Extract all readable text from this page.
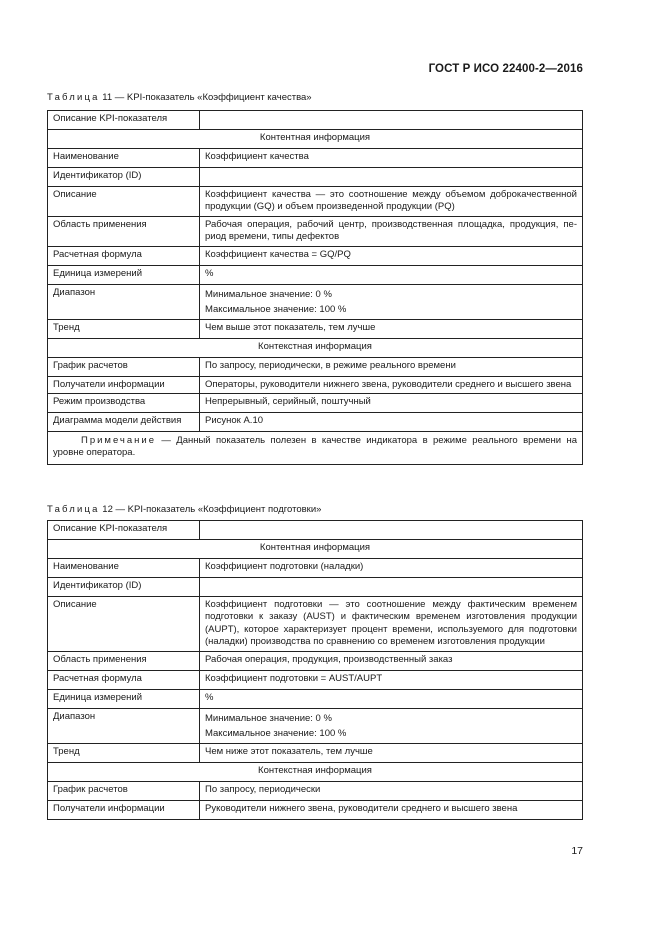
ГОСТ Р ИСО 22400-2—2016
Таблица 11 — KPI-показатель «Коэффициент качества»
Описание KPI-показателя	
Контентная информация	
Наименование	Коэффициент качества
Идентификатор (ID)	
Описание	Коэффициент качества — это соотношение между объемом доброкачественной продукции (GQ) и объем произведенной продукции (PQ)
Область применения	Рабочая операция, рабочий центр, производственная площадка, продукция, период времени, типы дефектов
Расчетная формула	Коэффициент качества = GQ/PQ
Единица измерений	%
Диапазон	Минимальное значение: 0 %
Максимальное значение: 100 %

Тренд	Чем выше этот показатель, тем лучше
Контекстная информация	
График расчетов	По запросу, периодически, в режиме реального времени
Получатели информации	Операторы, руководители нижнего звена, руководители среднего и высшего звена
Режим производства	Непрерывный, серийный, поштучный
Диаграмма модели действия	Рисунок А.10
Примечание — Данный показатель полезен в качестве индикатора в режиме реального времени на уровне оператора.	
Таблица 12 — KPI-показатель «Коэффициент подготовки»
Описание KPI-показателя	
Контентная информация	
Наименование	Коэффициент подготовки (наладки)
Идентификатор (ID)	
Описание	Коэффициент подготовки — это соотношение между фактическим временем подготовки к заказу (AUST) и фактическим временем изготовления продукции (AUPT), которое характеризует процент времени, используемого для подготовки (наладки) производства по сравнению со временем изготовления продукции
Область применения	Рабочая операция, продукция, производственный заказ
Расчетная формула	Коэффициент подготовки = AUST/AUPT
Единица измерений	%
Диапазон	Минимальное значение: 0 %
Максимальное значение: 100 %

Тренд	Чем ниже этот показатель, тем лучше
Контекстная информация	
График расчетов	По запросу, периодически
Получатели информации	Руководители нижнего звена, руководители среднего и высшего звена
17
